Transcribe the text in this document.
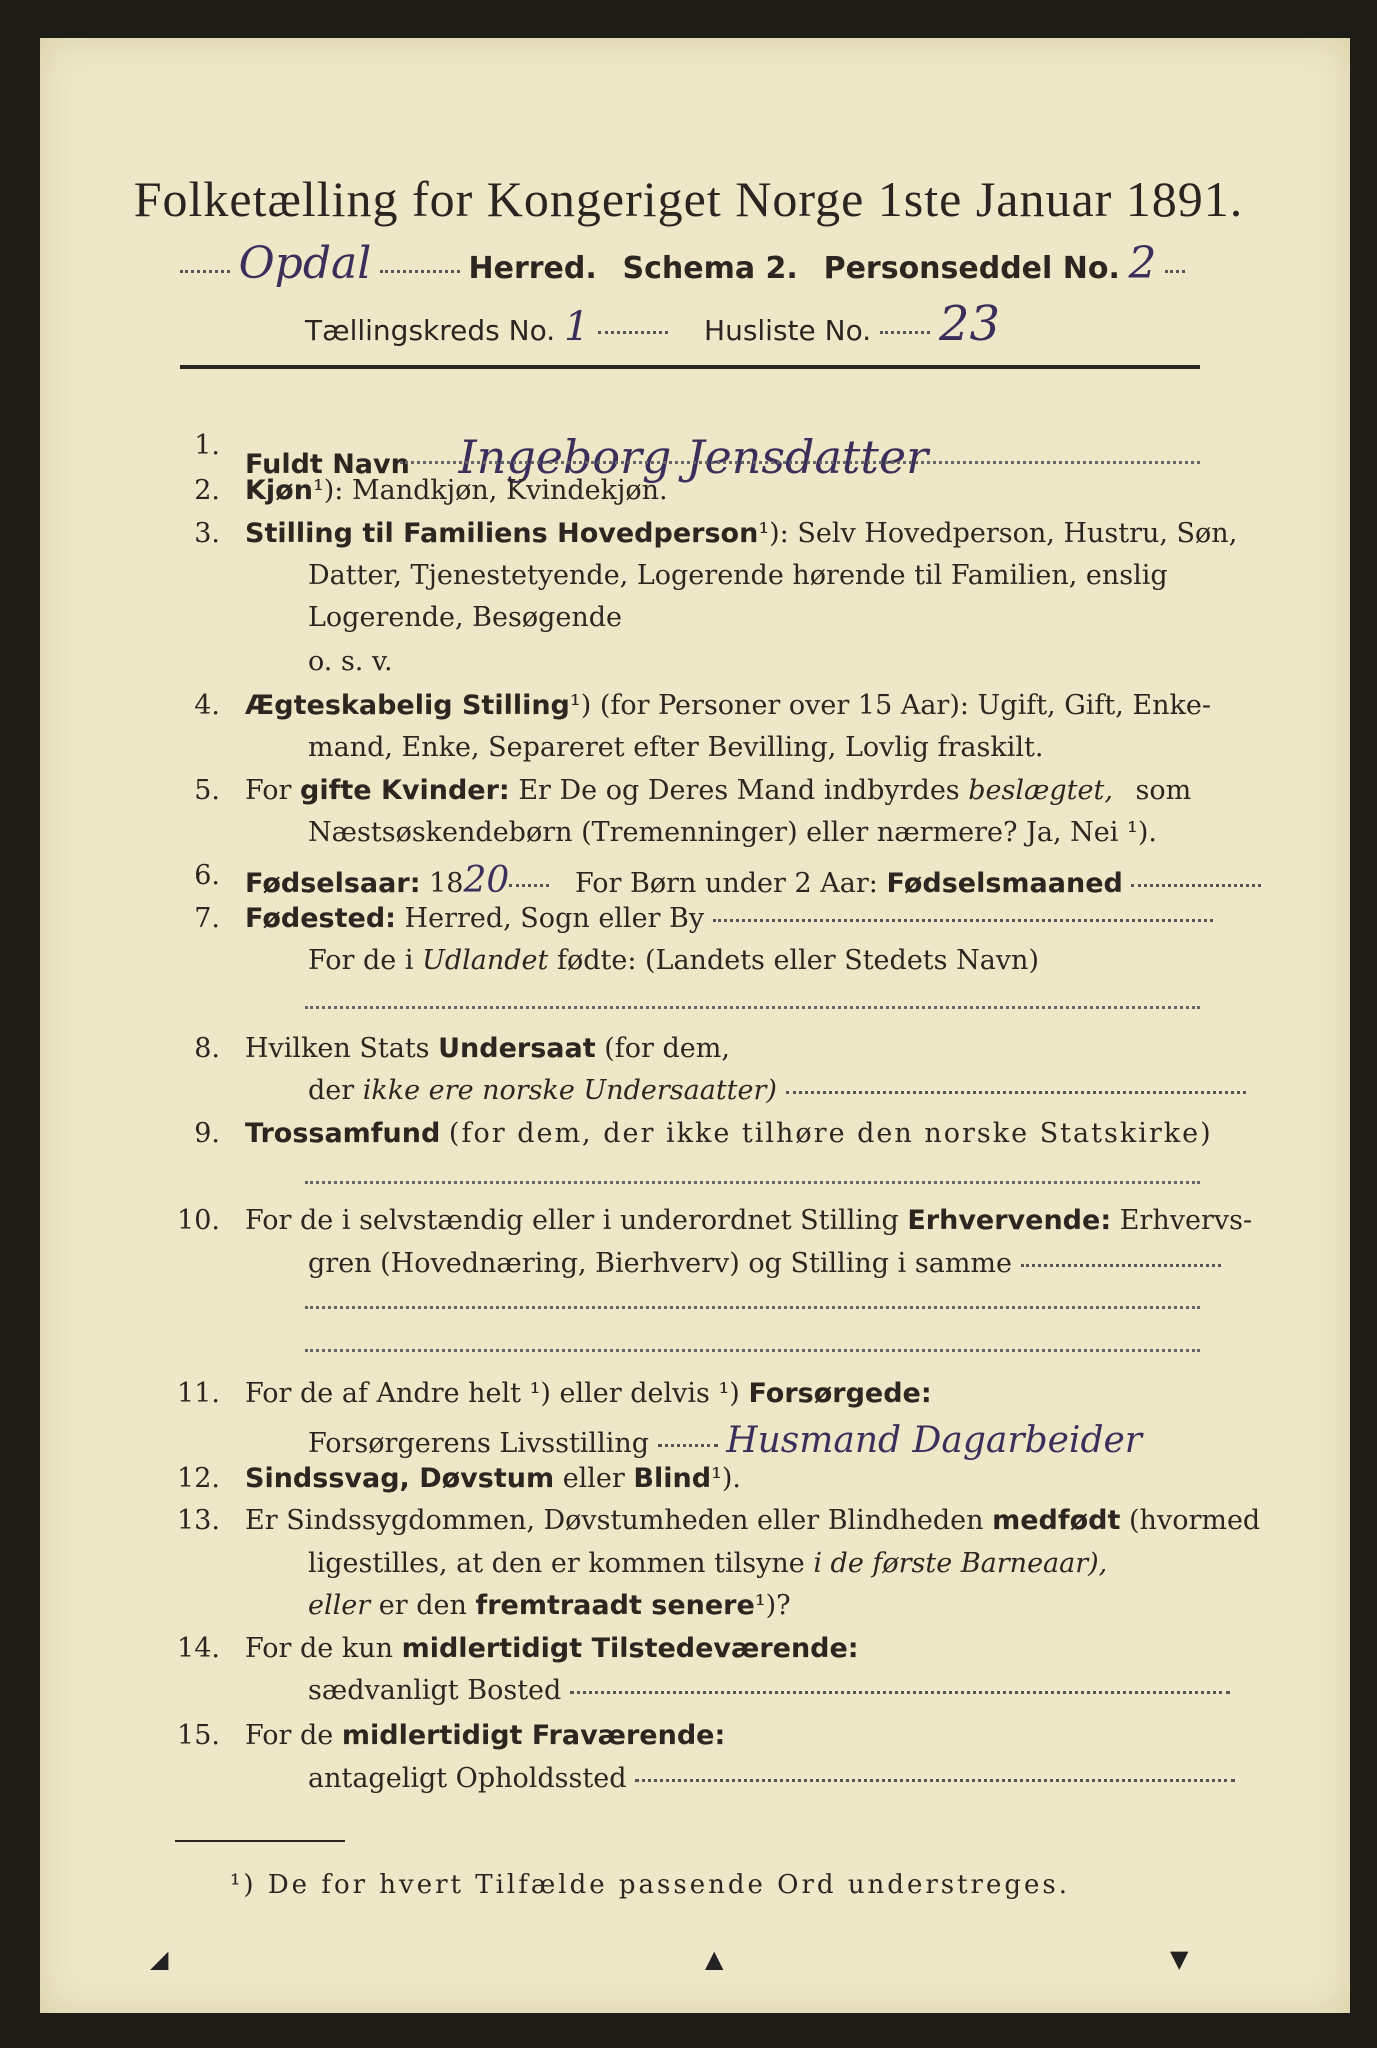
Folketælling for Kongeriget Norge 1ste Januar 1891.
Opdal	Herred. Schema 2. Personseddel No. 2
Tællingskreds No. 1	Husliste No. 23
1.
Fuldt Navn Ingeborg Jensdatter
2. Kjøn¹): Mandkjøn, Kvindekjøn.
3. Stilling til Familiens Hovedperson¹): Selv Hovedperson, Hustru, Søn,
Datter, Tjenestetyende, Logerende hørende til Familien, enslig
Logerende, Besøgende
o. s. v.
4. Ægteskabelig Stilling¹) (for Personer over 15 Aar): Ugift, Gift, Enke-
mand, Enke, Separeret efter Bevilling, Lovlig fraskilt.
5. For gifte Kvinder: Er De og Deres Mand indbyrdes beslægtet, som
Næstsøskendebørn (Tremenninger) eller nærmere? Ja, Nei ¹).
6. Fødselsaar: 1820 For Børn under 2 Aar: Fødselsmaaned
7. Fødested: Herred, Sogn eller By
For de i Udlandet fødte: (Landets eller Stedets Navn)
8. Hvilken Stats Undersaat (for dem,
der ikke ere norske Undersaatter)
9. Trossamfund (for dem, der ikke tilhøre den norske Statskirke)
10. For de i selvstændig eller i underordnet Stilling Erhvervende: Erhvervs-
gren (Hovednæring, Bierhverv) og Stilling i samme
11. For de af Andre helt ¹) eller delvis ¹) Forsørgede:
Forsørgerens Livsstilling Husmand Dagarbeider
12. Sindssvag, Døvstum eller Blind¹).
13. Er Sindssygdommen, Døvstumheden eller Blindheden medfødt (hvormed
ligestilles, at den er kommen tilsyne i de første Barneaar),
eller er den fremtraadt senere¹)?
14. For de kun midlertidigt Tilstedeværende:
sædvanligt Bosted
15. For de midlertidigt Fraværende:
antageligt Opholdssted
¹) De for hvert Tilfælde passende Ord understreges.
◢	▲	▼
